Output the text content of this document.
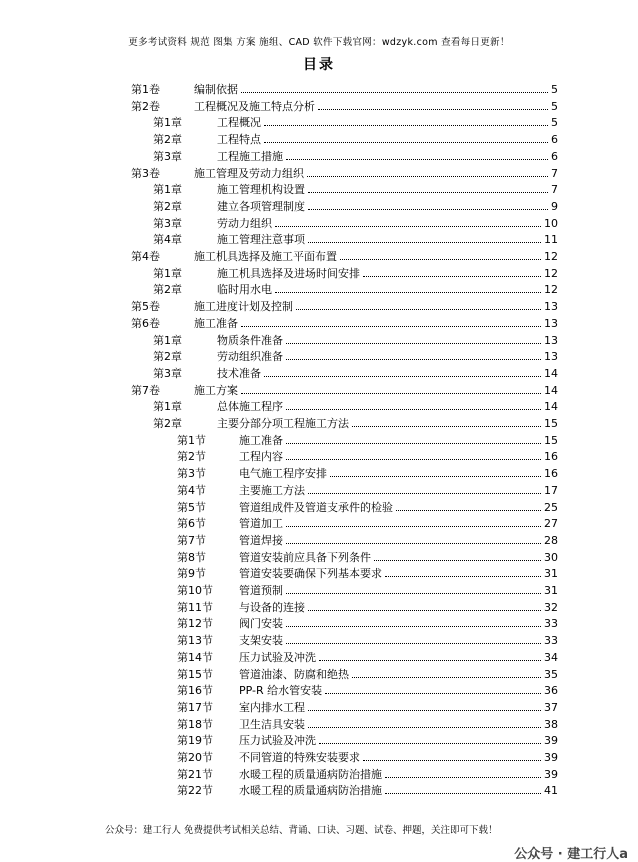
更多考试资料 规范 图集 方案 施组、CAD 软件下载官网：wdzyk.com 查看每日更新！
目录
第1卷	编制依据	5
第2卷	工程概况及施工特点分析	5
第1章	工程概况	5
第2章	工程特点	6
第3章	工程施工措施	6
第3卷	施工管理及劳动力组织	7
第1章	施工管理机构设置	7
第2章	建立各项管理制度	9
第3章	劳动力组织	10
第4章	施工管理注意事项	11
第4卷	施工机具选择及施工平面布置	12
第1章	施工机具选择及进场时间安排	12
第2章	临时用水电	12
第5卷	施工进度计划及控制	13
第6卷	施工准备	13
第1章	物质条件准备	13
第2章	劳动组织准备	13
第3章	技术准备	14
第7卷	施工方案	14
第1章	总体施工程序	14
第2章	主要分部分项工程施工方法	15
第1节	施工准备	15
第2节	工程内容	16
第3节	电气施工程序安排	16
第4节	主要施工方法	17
第5节	管道组成件及管道支承件的检验	25
第6节	管道加工	27
第7节	管道焊接	28
第8节	管道安装前应具备下列条件	30
第9节	管道安装要确保下列基本要求	31
第10节	管道预制	31
第11节	与设备的连接	32
第12节	阀门安装	33
第13节	支架安装	33
第14节	压力试验及冲洗	34
第15节	管道油漆、防腐和绝热	35
第16节	PP-R 给水管安装	36
第17节	室内排水工程	37
第18节	卫生洁具安装	38
第19节	压力试验及冲洗	39
第20节	不同管道的特殊安装要求	39
第21节	水暖工程的质量通病防治措施	39
第22节	水暖工程的质量通病防治措施	41
公众号：建工行人 免费提供考试相关总结、背诵、口诀、习题、试卷、押题，关注即可下载！
公众号 · 建工行人a
